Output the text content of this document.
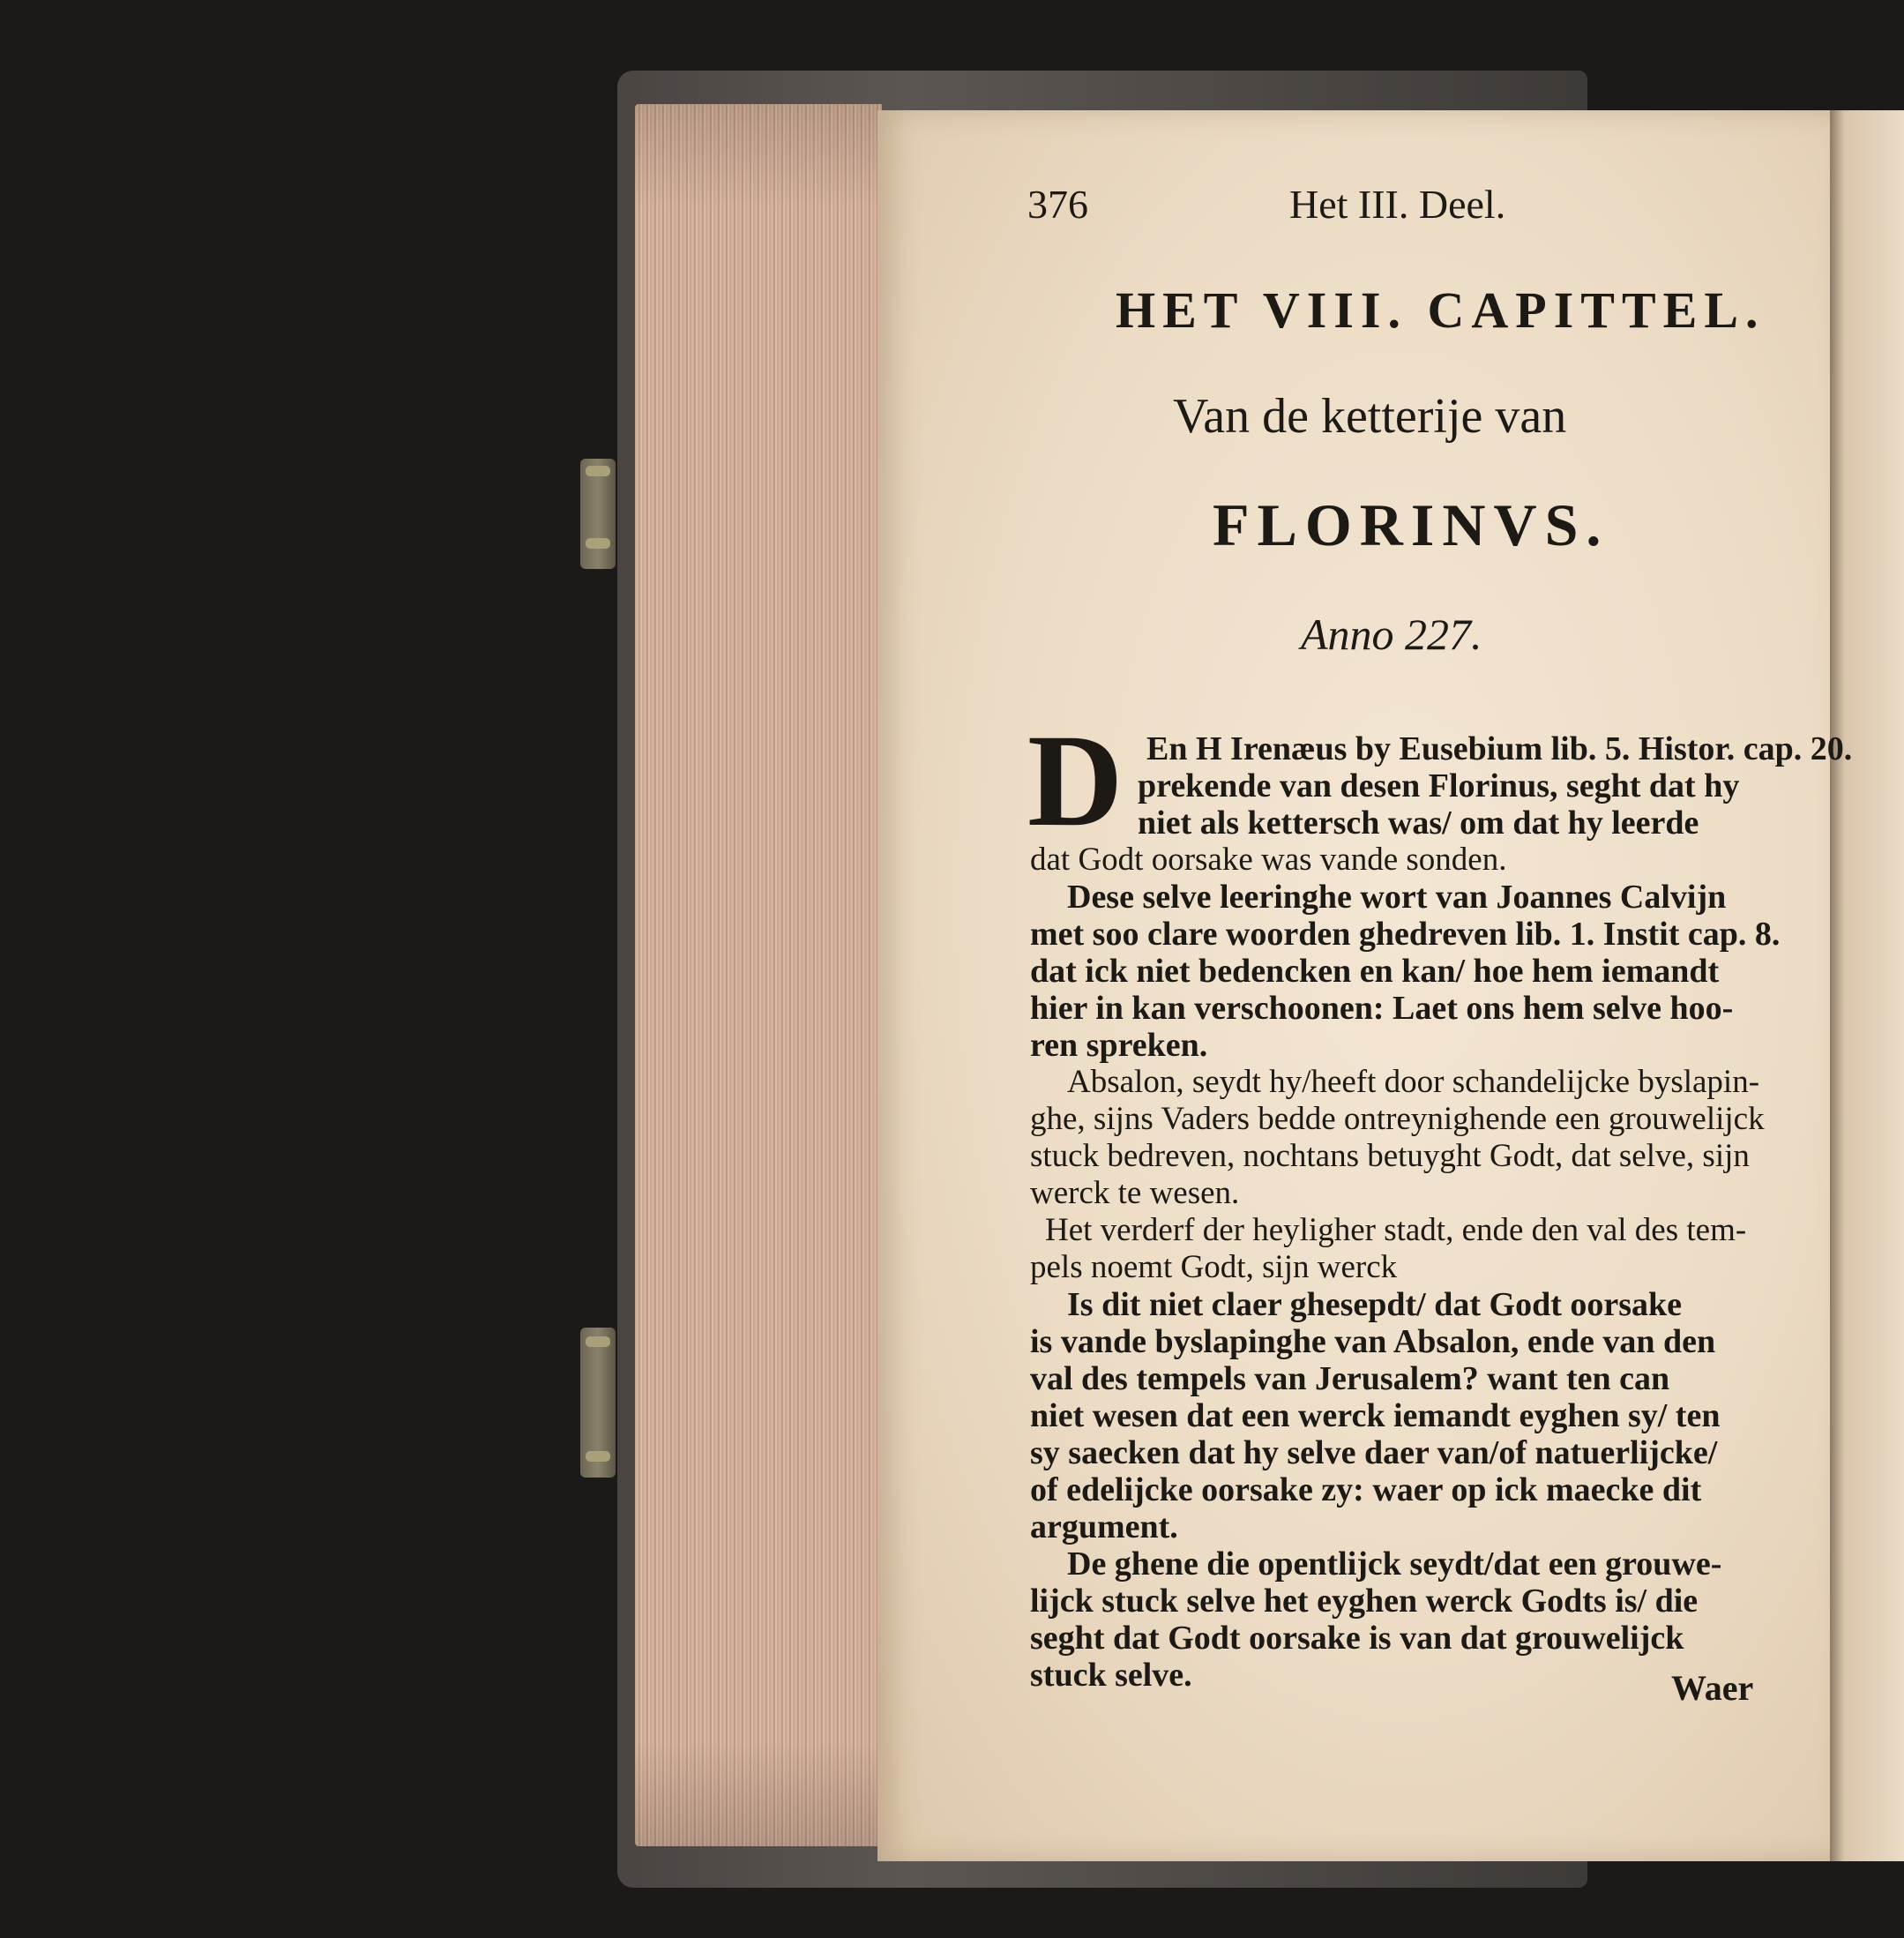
376	Het III. Deel.
HET VIII. CAPITTEL.
Van de ketterije van
FLORINVS.
Anno 227.
D En H Irenæus by Eusebium lib. 5. Histor. cap. 20.
prekende van desen Florinus, seght dat hy
niet als kettersch was/ om dat hy leerde
dat Godt oorsake was vande sonden.
Dese selve leeringhe wort van Joannes Calvijn
met soo clare woorden ghedreven lib. 1. Instit cap. 8.
dat ick niet bedencken en kan/ hoe hem iemandt
hier in kan verschoonen: Laet ons hem selve hoo-
ren spreken.
Absalon, seydt hy/heeft door schandelijcke byslapin-
ghe, sijns Vaders bedde ontreynighende een grouwelijck
stuck bedreven, nochtans betuyght Godt, dat selve, sijn
werck te wesen.
Het verderf der heyligher stadt, ende den val des tem-
pels noemt Godt, sijn werck
Is dit niet claer ghesepdt/ dat Godt oorsake
is vande byslapinghe van Absalon, ende van den
val des tempels van Jerusalem? want ten can
niet wesen dat een werck iemandt eyghen sy/ ten
sy saecken dat hy selve daer van/of natuerlijcke/
of edelijcke oorsake zy: waer op ick maecke dit
argument.
De ghene die opentlijck seydt/dat een grouwe-
lijck stuck selve het eyghen werck Godts is/ die
seght dat Godt oorsake is van dat grouwelijck
stuck selve.	Waer
